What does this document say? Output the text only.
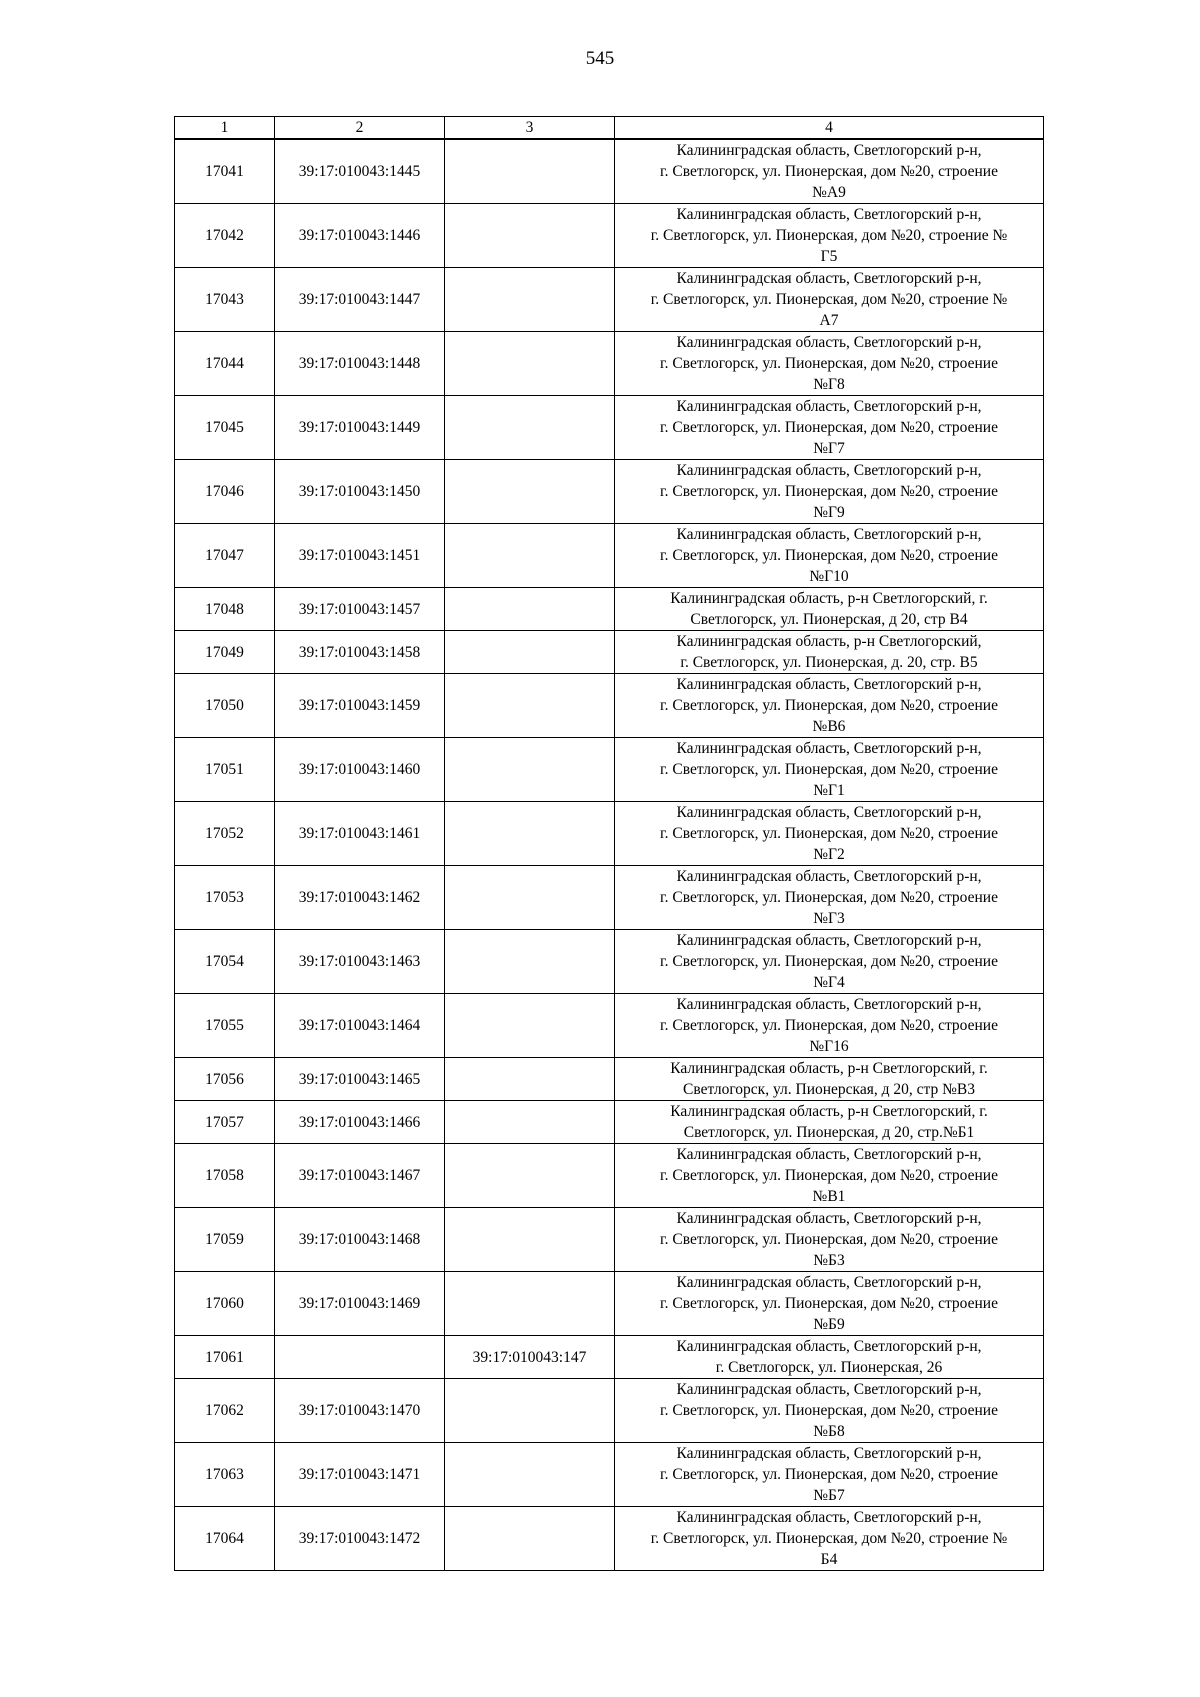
545
1	2	3	4
17041	39:17:010043:1445		Калининградская область, Светлогорский р-н,
г. Светлогорск, ул. Пионерская, дом №20, строение
№А9
17042	39:17:010043:1446		Калининградская область, Светлогорский р-н,
г. Светлогорск, ул. Пионерская, дом №20, строение №
Г5
17043	39:17:010043:1447		Калининградская область, Светлогорский р-н,
г. Светлогорск, ул. Пионерская, дом №20, строение №
А7
17044	39:17:010043:1448		Калининградская область, Светлогорский р-н,
г. Светлогорск, ул. Пионерская, дом №20, строение
№Г8
17045	39:17:010043:1449		Калининградская область, Светлогорский р-н,
г. Светлогорск, ул. Пионерская, дом №20, строение
№Г7
17046	39:17:010043:1450		Калининградская область, Светлогорский р-н,
г. Светлогорск, ул. Пионерская, дом №20, строение
№Г9
17047	39:17:010043:1451		Калининградская область, Светлогорский р-н,
г. Светлогорск, ул. Пионерская, дом №20, строение
№Г10
17048	39:17:010043:1457		Калининградская область, р-н Светлогорский, г.
Светлогорск, ул. Пионерская, д 20, стр В4
17049	39:17:010043:1458		Калининградская область, р-н Светлогорский,
г. Светлогорск, ул. Пионерская, д. 20, стр. В5
17050	39:17:010043:1459		Калининградская область, Светлогорский р-н,
г. Светлогорск, ул. Пионерская, дом №20, строение
№В6
17051	39:17:010043:1460		Калининградская область, Светлогорский р-н,
г. Светлогорск, ул. Пионерская, дом №20, строение
№Г1
17052	39:17:010043:1461		Калининградская область, Светлогорский р-н,
г. Светлогорск, ул. Пионерская, дом №20, строение
№Г2
17053	39:17:010043:1462		Калининградская область, Светлогорский р-н,
г. Светлогорск, ул. Пионерская, дом №20, строение
№Г3
17054	39:17:010043:1463		Калининградская область, Светлогорский р-н,
г. Светлогорск, ул. Пионерская, дом №20, строение
№Г4
17055	39:17:010043:1464		Калининградская область, Светлогорский р-н,
г. Светлогорск, ул. Пионерская, дом №20, строение
№Г16
17056	39:17:010043:1465		Калининградская область, р-н Светлогорский, г.
Светлогорск, ул. Пионерская, д 20, стр №В3
17057	39:17:010043:1466		Калининградская область, р-н Светлогорский, г.
Светлогорск, ул. Пионерская, д 20, стр.№Б1
17058	39:17:010043:1467		Калининградская область, Светлогорский р-н,
г. Светлогорск, ул. Пионерская, дом №20, строение
№В1
17059	39:17:010043:1468		Калининградская область, Светлогорский р-н,
г. Светлогорск, ул. Пионерская, дом №20, строение
№Б3
17060	39:17:010043:1469		Калининградская область, Светлогорский р-н,
г. Светлогорск, ул. Пионерская, дом №20, строение
№Б9
17061		39:17:010043:147	Калининградская область, Светлогорский р-н,
г. Светлогорск, ул. Пионерская, 26
17062	39:17:010043:1470		Калининградская область, Светлогорский р-н,
г. Светлогорск, ул. Пионерская, дом №20, строение
№Б8
17063	39:17:010043:1471		Калининградская область, Светлогорский р-н,
г. Светлогорск, ул. Пионерская, дом №20, строение
№Б7
17064	39:17:010043:1472		Калининградская область, Светлогорский р-н,
г. Светлогорск, ул. Пионерская, дом №20, строение №
Б4
